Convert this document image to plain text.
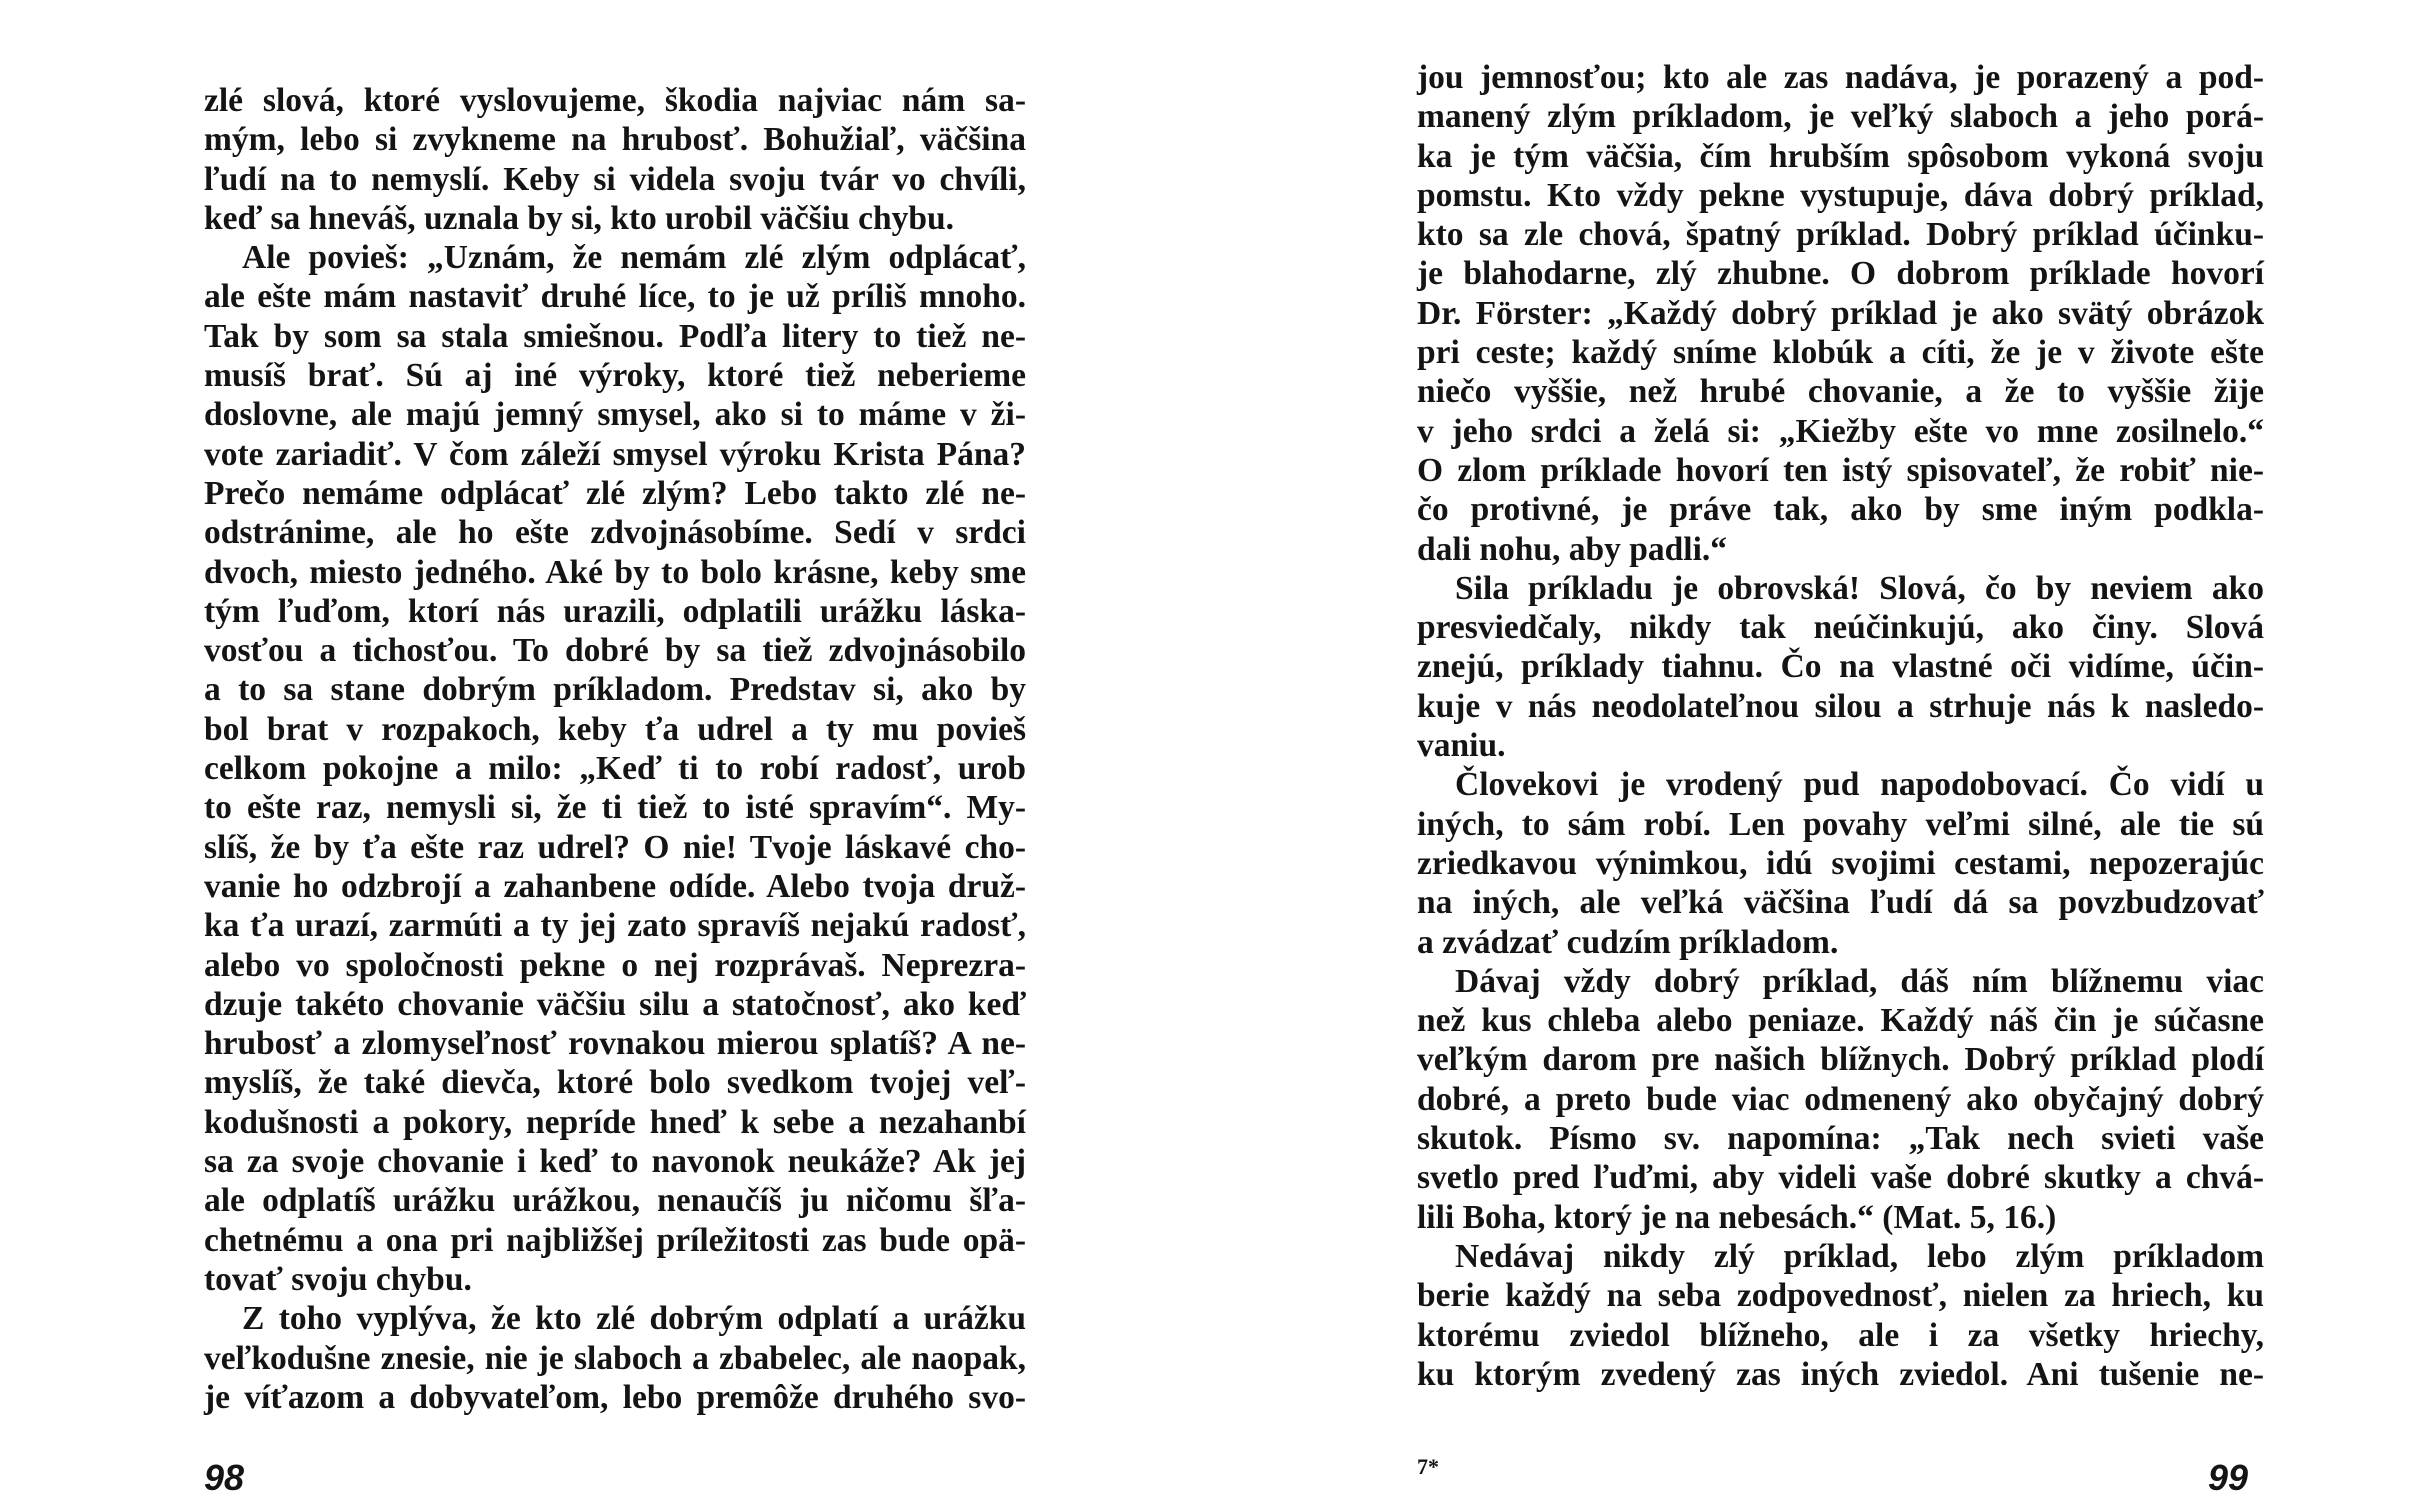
zlé slová, ktoré vyslovujeme, škodia najviac nám sa-
mým, lebo si zvykneme na hrubosť. Bohužiaľ, väčšina
ľudí na to nemyslí. Keby si videla svoju tvár vo chvíli,
keď sa hneváš, uznala by si, kto urobil väčšiu chybu.
Ale povieš: „Uznám, že nemám zlé zlým odplácať,
ale ešte mám nastaviť druhé líce, to je už príliš mnoho.
Tak by som sa stala smiešnou. Podľa litery to tiež ne-
musíš brať. Sú aj iné výroky, ktoré tiež neberieme
doslovne, ale majú jemný smysel, ako si to máme v ži-
vote zariadiť. V čom záleží smysel výroku Krista Pána?
Prečo nemáme odplácať zlé zlým? Lebo takto zlé ne-
odstránime, ale ho ešte zdvojnásobíme. Sedí v srdci
dvoch, miesto jedného. Aké by to bolo krásne, keby sme
tým ľuďom, ktorí nás urazili, odplatili urážku láska-
vosťou a tichosťou. To dobré by sa tiež zdvojnásobilo
a to sa stane dobrým príkladom. Predstav si, ako by
bol brat v rozpakoch, keby ťa udrel a ty mu povieš
celkom pokojne a milo: „Keď ti to robí radosť, urob
to ešte raz, nemysli si, že ti tiež to isté spravím“. My-
slíš, že by ťa ešte raz udrel? O nie! Tvoje láskavé cho-
vanie ho odzbrojí a zahanbene odíde. Alebo tvoja druž-
ka ťa urazí, zarmúti a ty jej zato spravíš nejakú radosť,
alebo vo spoločnosti pekne o nej rozprávaš. Neprezra-
dzuje takéto chovanie väčšiu silu a statočnosť, ako keď
hrubosť a zlomyseľnosť rovnakou mierou splatíš? A ne-
myslíš, že také dievča, ktoré bolo svedkom tvojej veľ-
kodušnosti a pokory, nepríde hneď k sebe a nezahanbí
sa za svoje chovanie i keď to navonok neukáže? Ak jej
ale odplatíš urážku urážkou, nenaučíš ju ničomu šľa-
chetnému a ona pri najbližšej príležitosti zas bude opä-
tovať svoju chybu.
Z toho vyplýva, že kto zlé dobrým odplatí a urážku
veľkodušne znesie, nie je slaboch a zbabelec, ale naopak,
je víťazom a dobyvateľom, lebo premôže druhého svo-
98
jou jemnosťou; kto ale zas nadáva, je porazený a pod-
manený zlým príkladom, je veľký slaboch a jeho porá-
ka je tým väčšia, čím hrubším spôsobom vykoná svoju
pomstu. Kto vždy pekne vystupuje, dáva dobrý príklad,
kto sa zle chová, špatný príklad. Dobrý príklad účinku-
je blahodarne, zlý zhubne. O dobrom príklade hovorí
Dr. Förster: „Každý dobrý príklad je ako svätý obrázok
pri ceste; každý sníme klobúk a cíti, že je v živote ešte
niečo vyššie, než hrubé chovanie, a že to vyššie žije
v jeho srdci a želá si: „Kiežby ešte vo mne zosilnelo.“
O zlom príklade hovorí ten istý spisovateľ, že robiť nie-
čo protivné, je práve tak, ako by sme iným podkla-
dali nohu, aby padli.“
Sila príkladu je obrovská! Slová, čo by neviem ako
presviedčaly, nikdy tak neúčinkujú, ako činy. Slová
znejú, príklady tiahnu. Čo na vlastné oči vidíme, účin-
kuje v nás neodolateľnou silou a strhuje nás k nasledo-
vaniu.
Človekovi je vrodený pud napodobovací. Čo vidí u
iných, to sám robí. Len povahy veľmi silné, ale tie sú
zriedkavou výnimkou, idú svojimi cestami, nepozerajúc
na iných, ale veľká väčšina ľudí dá sa povzbudzovať
a zvádzať cudzím príkladom.
Dávaj vždy dobrý príklad, dáš ním blížnemu viac
než kus chleba alebo peniaze. Každý náš čin je súčasne
veľkým darom pre našich blížnych. Dobrý príklad plodí
dobré, a preto bude viac odmenený ako obyčajný dobrý
skutok. Písmo sv. napomína: „Tak nech svieti vaše
svetlo pred ľuďmi, aby videli vaše dobré skutky a chvá-
lili Boha, ktorý je na nebesách.“ (Mat. 5, 16.)
Nedávaj nikdy zlý príklad, lebo zlým príkladom
berie každý na seba zodpovednosť, nielen za hriech, ku
ktorému zviedol blížneho, ale i za všetky hriechy,
ku ktorým zvedený zas iných zviedol. Ani tušenie ne-
7*	99
